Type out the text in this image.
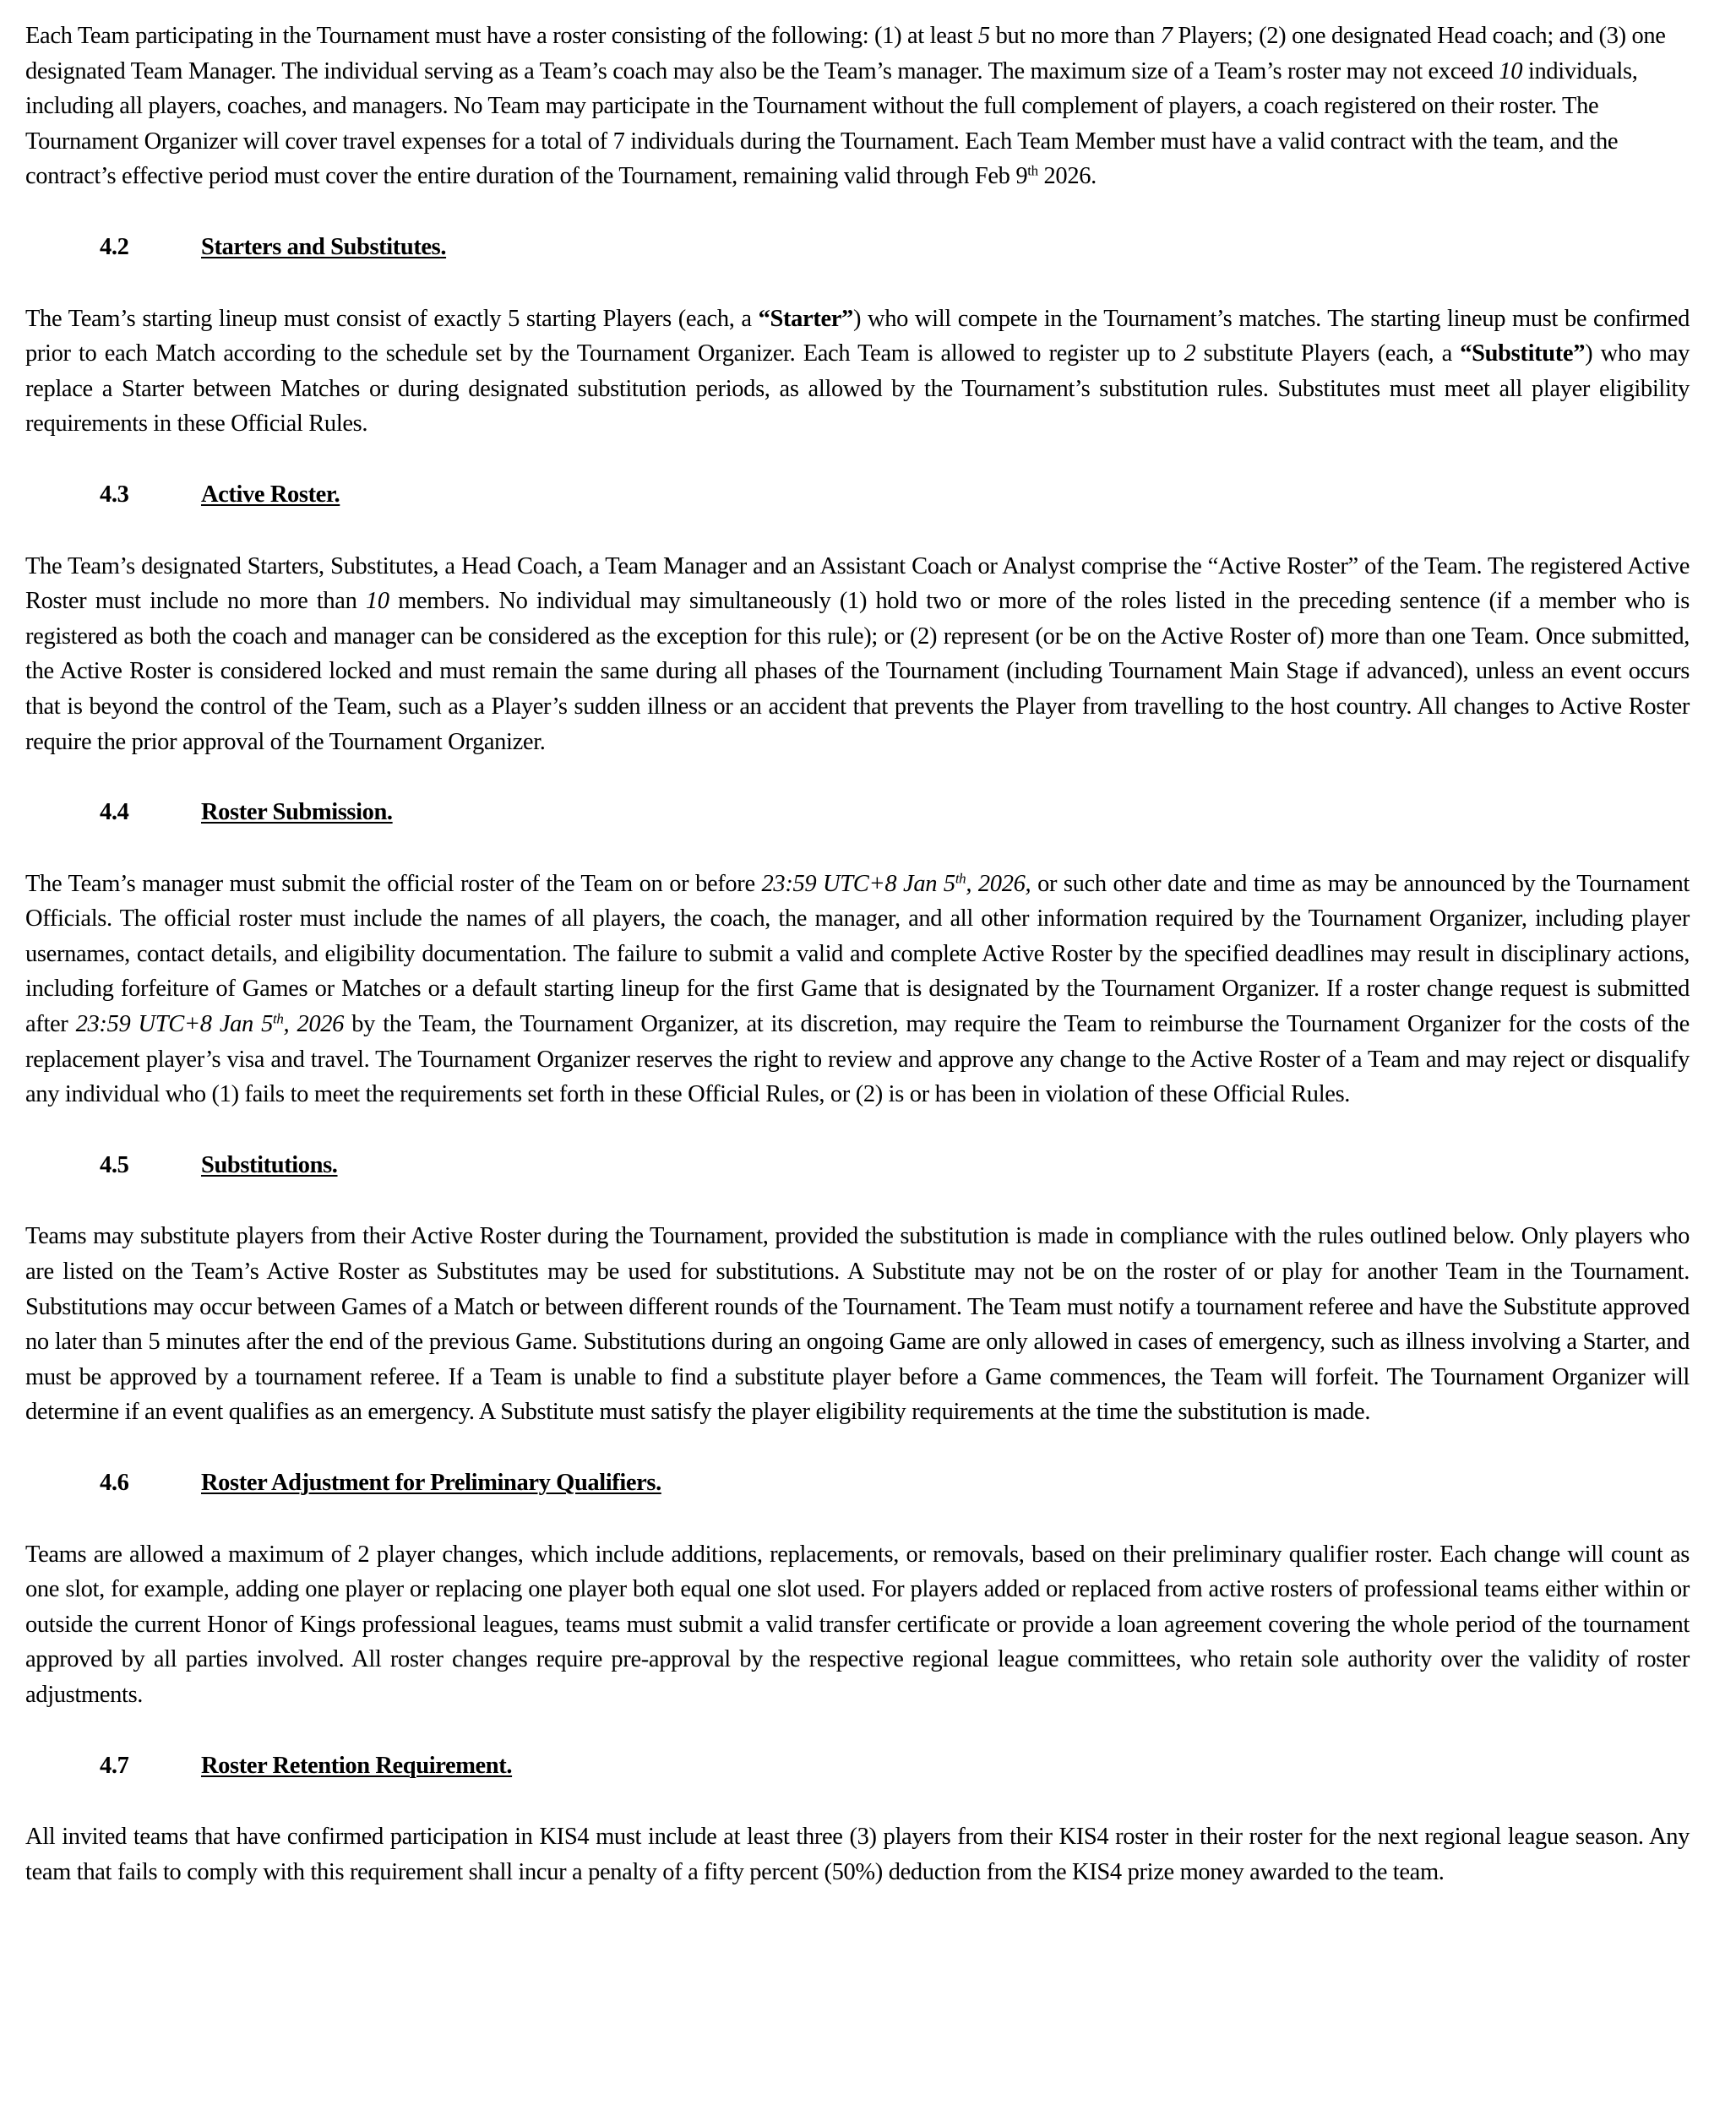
Each Team participating in the Tournament must have a roster consisting of the following: (1) at least 5 but no more than 7 Players; (2) one designated Head coach; and (3) one designated Team Manager. The individual serving as a Team’s coach may also be the Team’s manager. The maximum size of a Team’s roster may not exceed 10 individuals, including all players, coaches, and managers. No Team may participate in the Tournament without the full complement of players, a coach registered on their roster. The Tournament Organizer will cover travel expenses for a total of 7 individuals during the Tournament. Each Team Member must have a valid contract with the team, and the contract’s effective period must cover the entire duration of the Tournament, remaining valid through Feb 9th 2026.

4.2	Starters and Substitutes.

The Team’s starting lineup must consist of exactly 5 starting Players (each, a “Starter”) who will compete in the Tournament’s matches. The starting lineup must be confirmed prior to each Match according to the schedule set by the Tournament Organizer. Each Team is allowed to register up to 2 substitute Players (each, a “Substitute”) who may replace a Starter between Matches or during designated substitution periods, as allowed by the Tournament’s substitution rules. Substitutes must meet all player eligibility requirements in these Official Rules.

4.3	Active Roster.

The Team’s designated Starters, Substitutes, a Head Coach, a Team Manager and an Assistant Coach or Analyst comprise the “Active Roster” of the Team. The registered Active Roster must include no more than 10 members. No individual may simultaneously (1) hold two or more of the roles listed in the preceding sentence (if a member who is registered as both the coach and manager can be considered as the exception for this rule); or (2) represent (or be on the Active Roster of) more than one Team. Once submitted, the Active Roster is considered locked and must remain the same during all phases of the Tournament (including Tournament Main Stage if advanced), unless an event occurs that is beyond the control of the Team, such as a Player’s sudden illness or an accident that prevents the Player from travelling to the host country. All changes to Active Roster require the prior approval of the Tournament Organizer.

4.4	Roster Submission.

The Team’s manager must submit the official roster of the Team on or before 23:59 UTC+8 Jan 5th, 2026, or such other date and time as may be announced by the Tournament Officials. The official roster must include the names of all players, the coach, the manager, and all other information required by the Tournament Organizer, including player usernames, contact details, and eligibility documentation. The failure to submit a valid and complete Active Roster by the specified deadlines may result in disciplinary actions, including forfeiture of Games or Matches or a default starting lineup for the first Game that is designated by the Tournament Organizer. If a roster change request is submitted after 23:59 UTC+8 Jan 5th, 2026 by the Team, the Tournament Organizer, at its discretion, may require the Team to reimburse the Tournament Organizer for the costs of the replacement player’s visa and travel. The Tournament Organizer reserves the right to review and approve any change to the Active Roster of a Team and may reject or disqualify any individual who (1) fails to meet the requirements set forth in these Official Rules, or (2) is or has been in violation of these Official Rules.

4.5	Substitutions.

Teams may substitute players from their Active Roster during the Tournament, provided the substitution is made in compliance with the rules outlined below. Only players who are listed on the Team’s Active Roster as Substitutes may be used for substitutions. A Substitute may not be on the roster of or play for another Team in the Tournament. Substitutions may occur between Games of a Match or between different rounds of the Tournament. The Team must notify a tournament referee and have the Substitute approved no later than 5 minutes after the end of the previous Game. Substitutions during an ongoing Game are only allowed in cases of emergency, such as illness involving a Starter, and must be approved by a tournament referee. If a Team is unable to find a substitute player before a Game commences, the Team will forfeit. The Tournament Organizer will determine if an event qualifies as an emergency. A Substitute must satisfy the player eligibility requirements at the time the substitution is made.

4.6	Roster Adjustment for Preliminary Qualifiers.

Teams are allowed a maximum of 2 player changes, which include additions, replacements, or removals, based on their preliminary qualifier roster. Each change will count as one slot, for example, adding one player or replacing one player both equal one slot used. For players added or replaced from active rosters of professional teams either within or outside the current Honor of Kings professional leagues, teams must submit a valid transfer certificate or provide a loan agreement covering the whole period of the tournament approved by all parties involved. All roster changes require pre-approval by the respective regional league committees, who retain sole authority over the validity of roster adjustments.

4.7	Roster Retention Requirement.

All invited teams that have confirmed participation in KIS4 must include at least three (3) players from their KIS4 roster in their roster for the next regional league season. Any team that fails to comply with this requirement shall incur a penalty of a fifty percent (50%) deduction from the KIS4 prize money awarded to the team.
